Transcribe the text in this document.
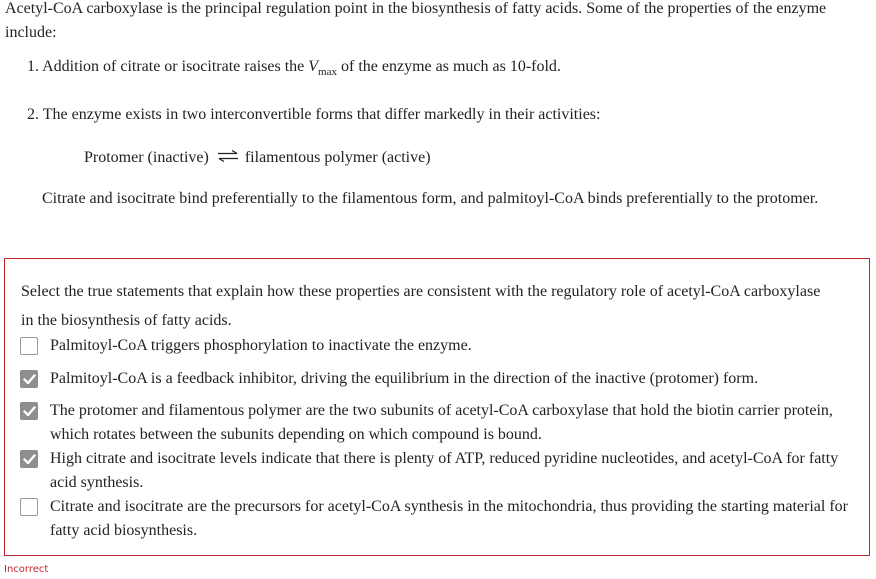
Acetyl-CoA carboxylase is the principal regulation point in the biosynthesis of fatty acids. Some of the properties of the enzyme include:
1. Addition of citrate or isocitrate raises the $V_{max}$ of the enzyme as much as 10-fold.
2. The enzyme exists in two interconvertible forms that differ markedly in their activities:
Protomer (inactive) ⇌ filamentous polymer (active)
Citrate and isocitrate bind preferentially to the filamentous form, and palmitoyl-CoA binds preferentially to the protomer.
Select the true statements that explain how these properties are consistent with the regulatory role of acetyl-CoA carboxylase in the biosynthesis of fatty acids.
Palmitoyl-CoA triggers phosphorylation to inactivate the enzyme.
Palmitoyl-CoA is a feedback inhibitor, driving the equilibrium in the direction of the inactive (protomer) form.
The protomer and filamentous polymer are the two subunits of acetyl-CoA carboxylase that hold the biotin carrier protein, which rotates between the subunits depending on which compound is bound.
High citrate and isocitrate levels indicate that there is plenty of ATP, reduced pyridine nucleotides, and acetyl-CoA for fatty acid synthesis.
Citrate and isocitrate are the precursors for acetyl-CoA synthesis in the mitochondria, thus providing the starting material for fatty acid biosynthesis.
Incorrect
